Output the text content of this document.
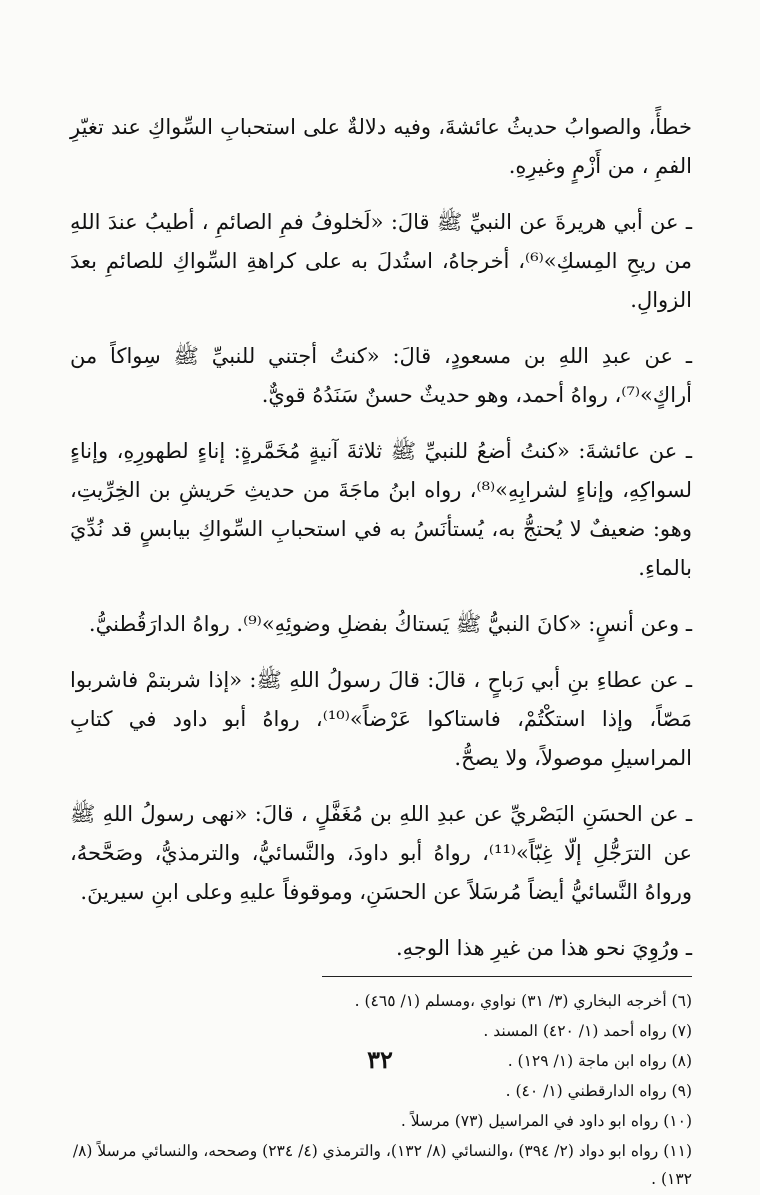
خطأً، والصوابُ حديثُ عائشةَ، وفيه دلالةٌ على استحبابِ السِّواكِ عند تغيّرِ الفمِ ، من أَزْمٍ وغيرِهِ.

ـ عن أبي هريرةَ عن النبيِّ ﷺ قالَ: «لَخلوفُ فمِ الصائمِ ، أطيبُ عندَ اللهِ من ريحِ المِسكِ»⁽⁶⁾، أخرجاهُ، استُدلَ به على كراهةِ السِّواكِ للصائمِ بعدَ الزوالِ.

ـ عن عبدِ اللهِ بن مسعودٍ، قالَ: «كنتُ أجتني للنبيِّ ﷺ سِواكاً من أراكٍ»⁽⁷⁾، رواهُ أحمد، وهو حديثٌ حسنٌ سَنَدُهُ قويٌّ.

ـ عن عائشةَ: «كنتُ أضعُ للنبيِّ ﷺ ثلاثةَ آنيةٍ مُخَمَّرةٍ: إناءٍ لطهورِهِ، وإناءٍ لسواكِهِ، وإناءٍ لشرابِهِ»⁽⁸⁾، رواه ابنُ ماجَةَ من حديثِ حَريشِ بن الخِرِّيتِ، وهو: ضعيفٌ لا يُحتجُّ به، يُستأنَسُ به في استحبابِ السِّواكِ بيابسٍ قد نُدِّيَ بالماءِ.

ـ وعن أنسٍ: «كانَ النبيُّ ﷺ يَستاكُ بفضلِ وضوئِهِ»⁽⁹⁾. رواهُ الدارَقُطنيُّ.

ـ عن عطاءِ بنِ أبي رَباحٍ ، قالَ: قالَ رسولُ اللهِ ﷺ: «إذا شربتمْ فاشربوا مَصّاً، وإذا استكْتُمْ، فاستاكوا عَرْضاً»⁽¹⁰⁾، رواهُ أبو داود في كتابِ المراسيلِ موصولاً، ولا يصحُّ.

ـ عن الحسَنِ البَصْريِّ عن عبدِ اللهِ بن مُغَفَّلٍ ، قالَ: «نهى رسولُ اللهِ ﷺ عن الترَجُّلِ إلّا غِبّاً»⁽¹¹⁾، رواهُ أبو داودَ، والنَّسائيُّ، والترمذيُّ، وصَحَّحهُ، ورواهُ النَّسائيُّ أيضاً مُرسَلاً عن الحسَنِ، وموقوفاً عليهِ وعلى ابنِ سيرينَ.

ـ ورُوِيَ نحو هذا من غيرِ هذا الوجهِ.

(٦) أخرجه البخاري (٣/ ٣١) نواوي ،ومسلم (١/ ٤٦٥) .

(٧) رواه أحمد (١/ ٤٢٠) المسند .

(٨) رواه ابن ماجة (١/ ١٢٩) .

(٩) رواه الدارقطني (١/ ٤٠) .

(١٠) رواه ابو داود في المراسيل (٧٣) مرسلاً .

(١١) رواه ابو دواد (٢/ ٣٩٤) ،والنسائي (٨/ ١٣٢)، والترمذي (٤/ ٢٣٤) وصححه، والنسائي مرسلاً (٨/ ١٣٢) .

٣٢
